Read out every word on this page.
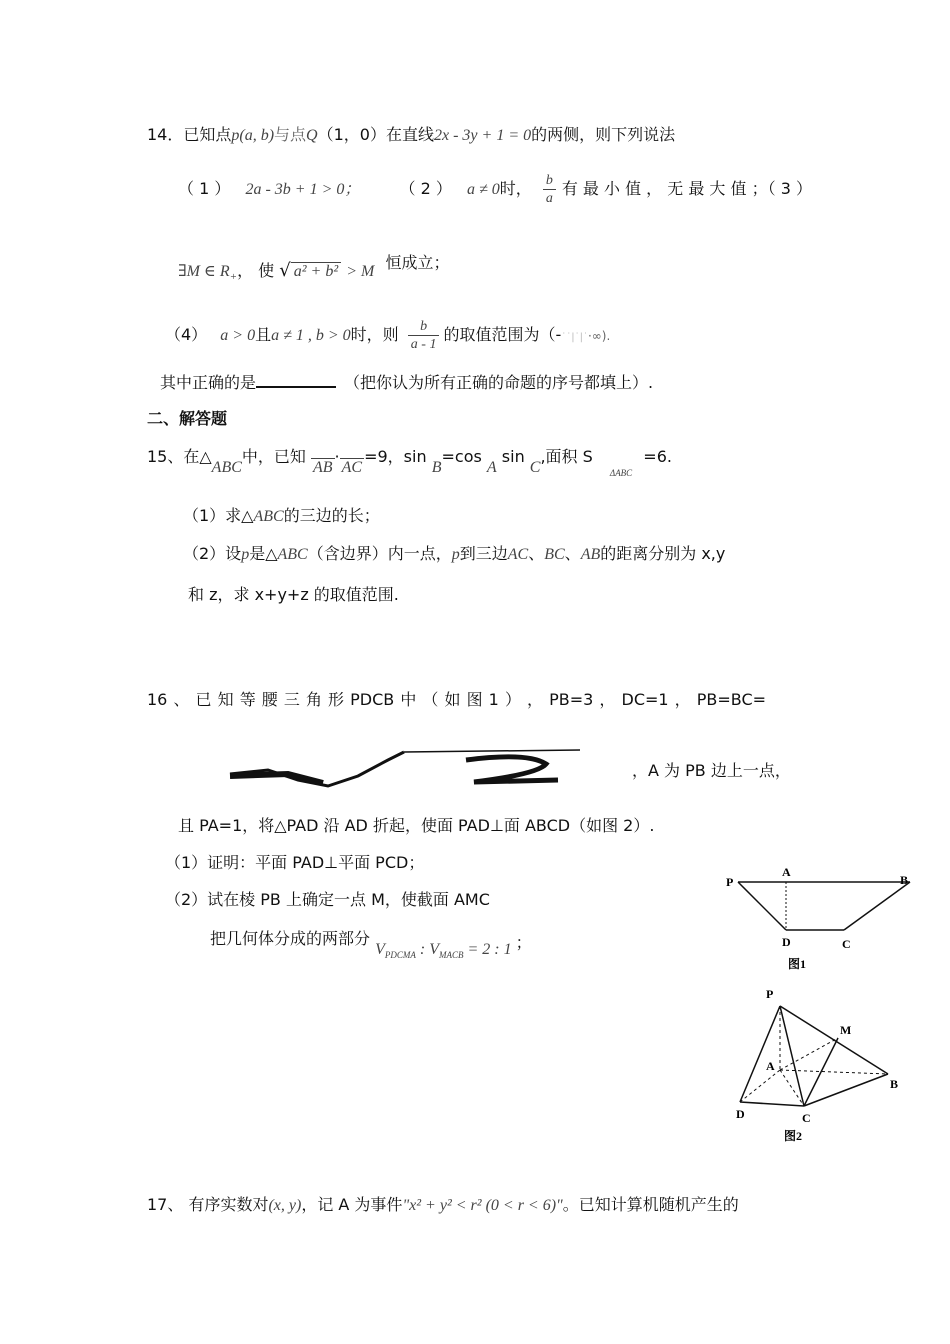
14．已知点p(a, b)与点Q（1，0）在直线2x - 3y + 1 = 0的两侧，则下列说法
（ 1 ） 2a - 3b + 1 > 0； （ 2 ） a ≠ 0时， $\frac{b}{a}$ 有 最 小 值 ， 无 最 大 值 ；（ 3 ）
∃M ∈ $R_+$， 使 √ a² + b² > M 恒成立；
（4） a > 0且a ≠ 1 , b > 0时，则 $\frac{b}{a - 1}$ 的取值范围为（-˙˙|˙|˙·∞).
其中正确的是	（把你认为所有正确的命题的序号都填上）.
二、解答题
15、在△ABC中，已知 AB·AC=9，sin B=cos A sin C,面积 S $_{\Delta ABC}$ =6.
（1）求△ABC的三边的长；
（2）设p是△ABC（含边界）内一点，p到三边AC、BC、AB的距离分别为 x,y
和 z，求 x+y+z 的取值范围.
16 、 已 知 等 腰 三 角 形 PDCB 中 （ 如 图 1 ） ， PB=3 ， DC=1 ， PB=BC=
，A 为 PB 边上一点，
且 PA=1，将△PAD 沿 AD 折起，使面 PAD⊥面 ABCD（如图 2）.
（1）证明：平面 PAD⊥平面 PCD；
（2）试在棱 PB 上确定一点 M，使截面 AMC
把几何体分成的两部分 $V_{PDCMA}$ : $V_{MACB} = 2$ : 1 ；
P
A
B
D	C
图1
P
M
A
B
D	C
图2
17、 有序实数对(x, y)，记 A 为事件"x² + y² < r² (0 < r < 6)"。已知计算机随机产生的
